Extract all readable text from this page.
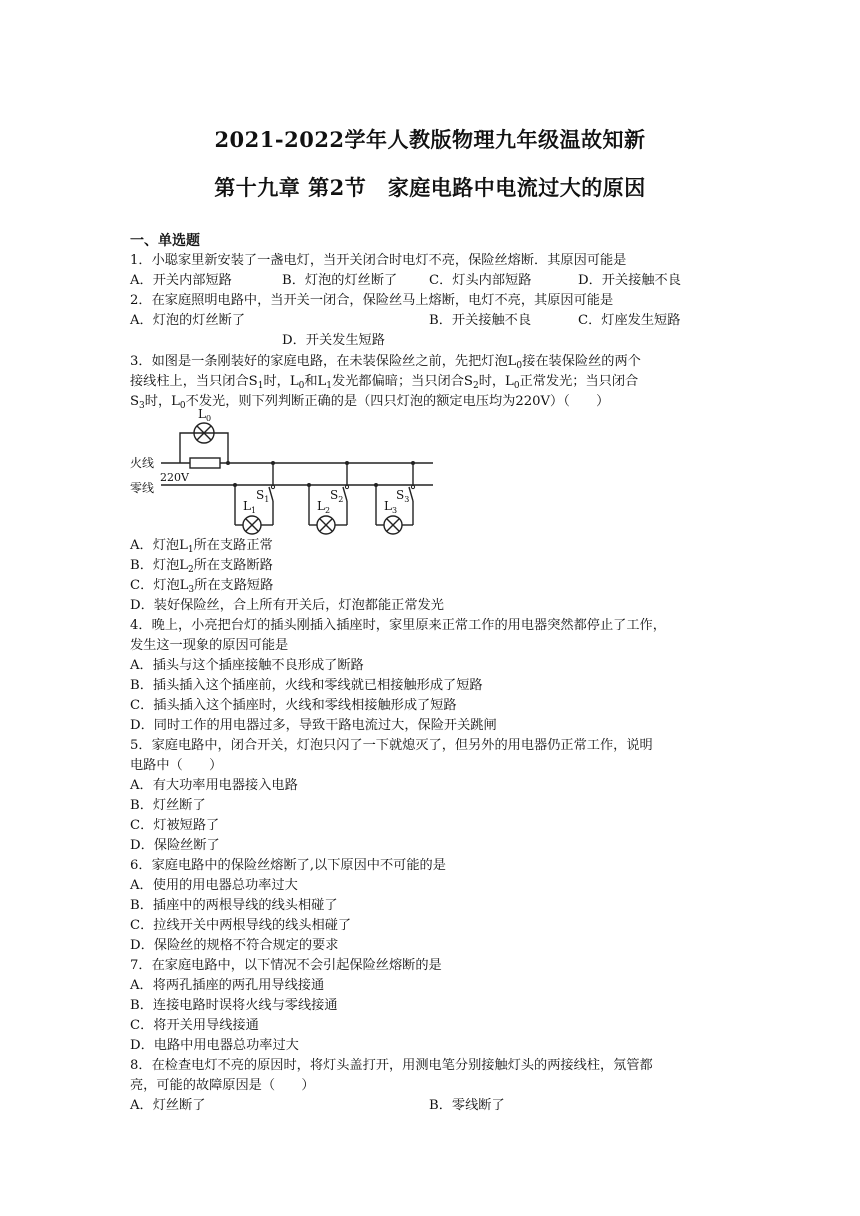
2021-2022学年人教版物理九年级温故知新
第十九章 第2节　家庭电路中电流过大的原因
一、单选题
1．小聪家里新安装了一盏电灯，当开关闭合时电灯不亮，保险丝熔断．其原因可能是
A．开关内部短路	B．灯泡的灯丝断了 C．灯头内部短路	D．开关接触不良
2．在家庭照明电路中，当开关一闭合，保险丝马上熔断，电灯不亮，其原因可能是
A．灯泡的灯丝断了	B．开关接触不良	C．灯座发生短路
D．开关发生短路
3．如图是一条刚装好的家庭电路，在未装保险丝之前，先把灯泡$L_0$接在装保险丝的两个
接线柱上，当只闭合$S_1$时，$L_0$和$L_1$发光都偏暗；当只闭合$S_2$时，$L_0$正常发光；当只闭合
$S_3$时，$L_0$不发光，则下列判断正确的是（四只灯泡的额定电压均为220V）（　　）
火线
零线
220V
$L_0$
$S_1$	$S_2$	$S_3$
$L_1$	$L_2$	$L_3$
A．灯泡$L_1$所在支路正常
B．灯泡$L_2$所在支路断路
C．灯泡$L_3$所在支路短路
D．装好保险丝，合上所有开关后，灯泡都能正常发光
4．晚上，小亮把台灯的插头刚插入插座时，家里原来正常工作的用电器突然都停止了工作，
发生这一现象的原因可能是
A．插头与这个插座接触不良形成了断路
B．插头插入这个插座前，火线和零线就已相接触形成了短路
C．插头插入这个插座时，火线和零线相接触形成了短路
D．同时工作的用电器过多，导致干路电流过大，保险开关跳闸
5．家庭电路中，闭合开关，灯泡只闪了一下就熄灭了，但另外的用电器仍正常工作，说明
电路中（　　）
A．有大功率用电器接入电路
B．灯丝断了
C．灯被短路了
D．保险丝断了
6．家庭电路中的保险丝熔断了,以下原因中不可能的是
A．使用的用电器总功率过大
B．插座中的两根导线的线头相碰了
C．拉线开关中两根导线的线头相碰了
D．保险丝的规格不符合规定的要求
7．在家庭电路中，以下情况不会引起保险丝熔断的是
A．将两孔插座的两孔用导线接通
B．连接电路时误将火线与零线接通
C．将开关用导线接通
D．电路中用电器总功率过大
8．在检查电灯不亮的原因时，将灯头盖打开，用测电笔分别接触灯头的两接线柱，氖管都
亮，可能的故障原因是（　　）
A．灯丝断了	B．零线断了
